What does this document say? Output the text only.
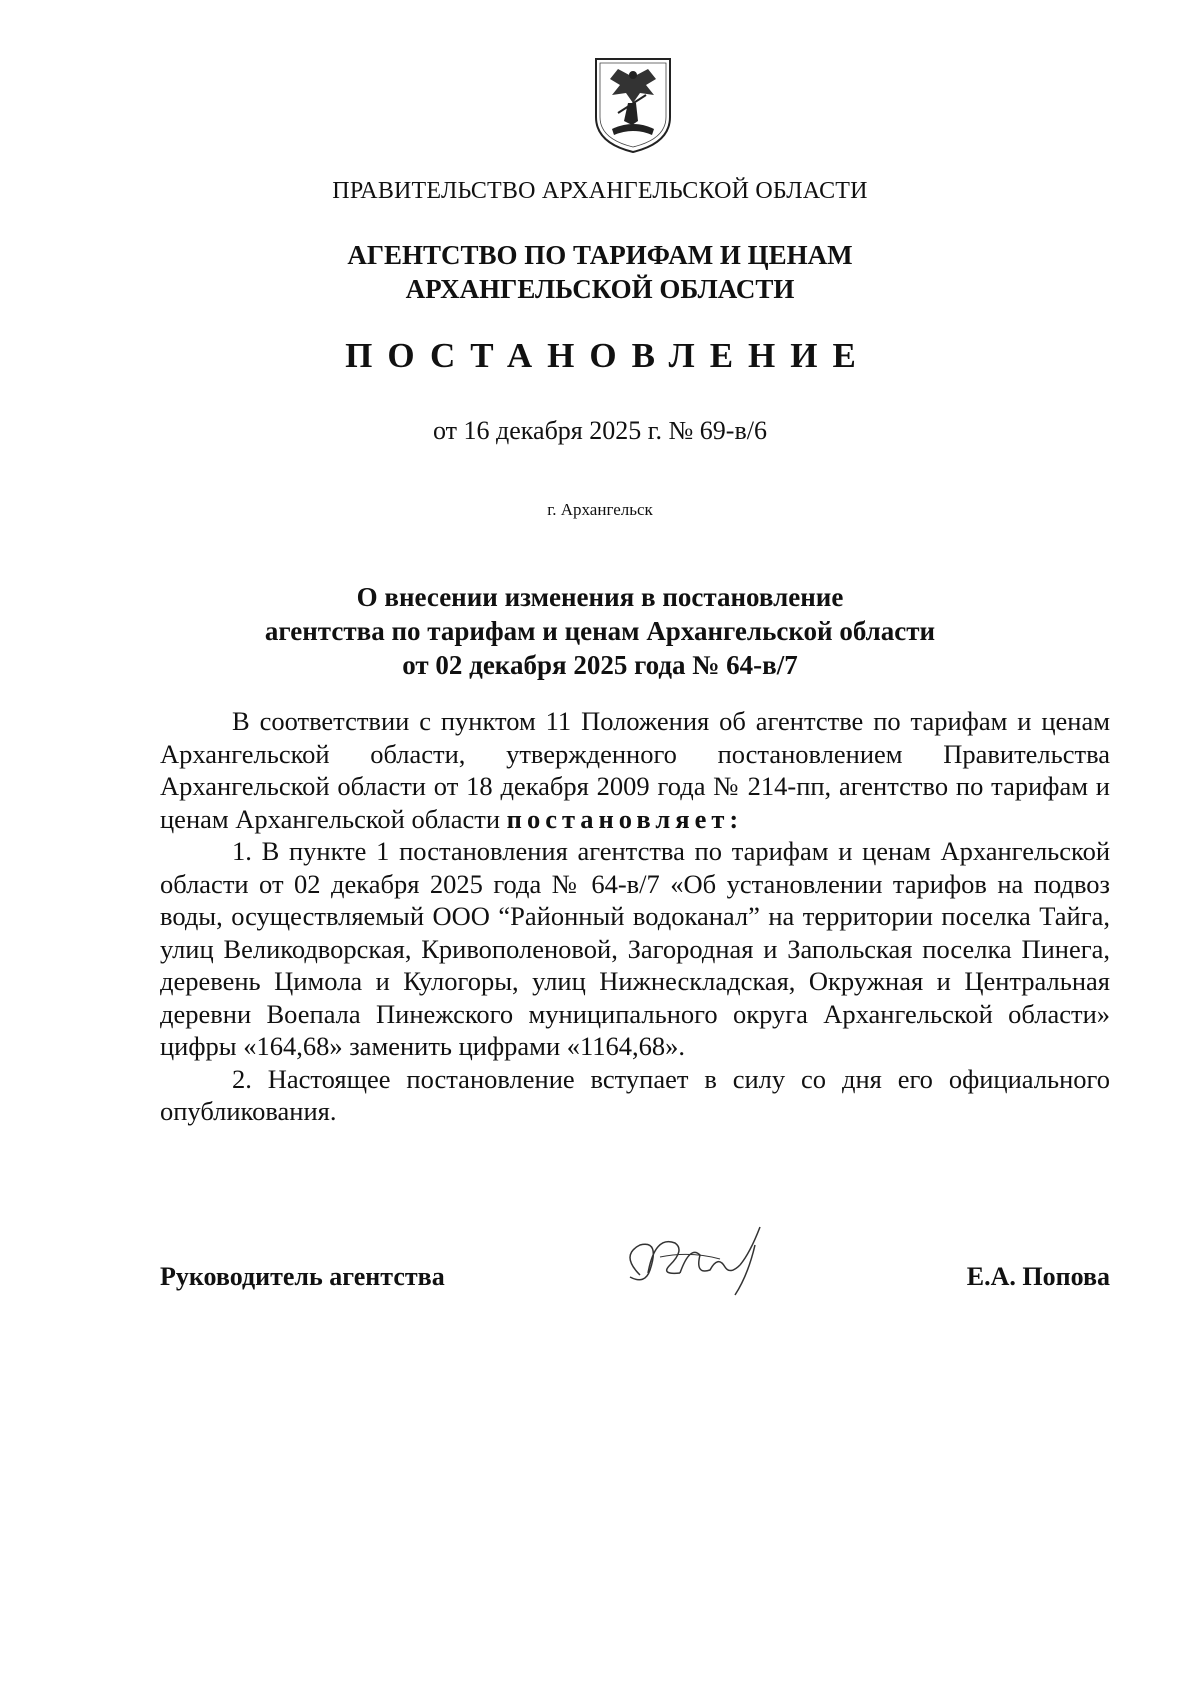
ПРАВИТЕЛЬСТВО АРХАНГЕЛЬСКОЙ ОБЛАСТИ
АГЕНТСТВО ПО ТАРИФАМ И ЦЕНАМ
АРХАНГЕЛЬСКОЙ ОБЛАСТИ
ПОСТАНОВЛЕНИЕ
от 16 декабря 2025 г. № 69-в/6
г. Архангельск
О внесении изменения в постановление
агентства по тарифам и ценам Архангельской области
от 02 декабря 2025 года № 64-в/7

В соответствии с пунктом 11 Положения об агентстве по тарифам и ценам Архангельской области, утвержденного постановлением Правительства Архангельской области от 18 декабря 2009 года № 214-пп, агентство по тарифам и ценам Архангельской области постановляет:

1. В пункте 1 постановления агентства по тарифам и ценам Архангельской области от 02 декабря 2025 года № 64-в/7 «Об установлении тарифов на подвоз воды, осуществляемый ООО “Районный водоканал” на территории поселка Тайга, улиц Великодворская, Кривополеновой, Загородная и Запольская поселка Пинега, деревень Цимола и Кулогоры, улиц Нижнескладская, Окружная и Центральная деревни Воепала Пинежского муниципального округа Архангельской области» цифры «164,68» заменить цифрами «1164,68».

2. Настоящее постановление вступает в силу со дня его официального опубликования.

Руководитель агентства	Е.А. Попова
